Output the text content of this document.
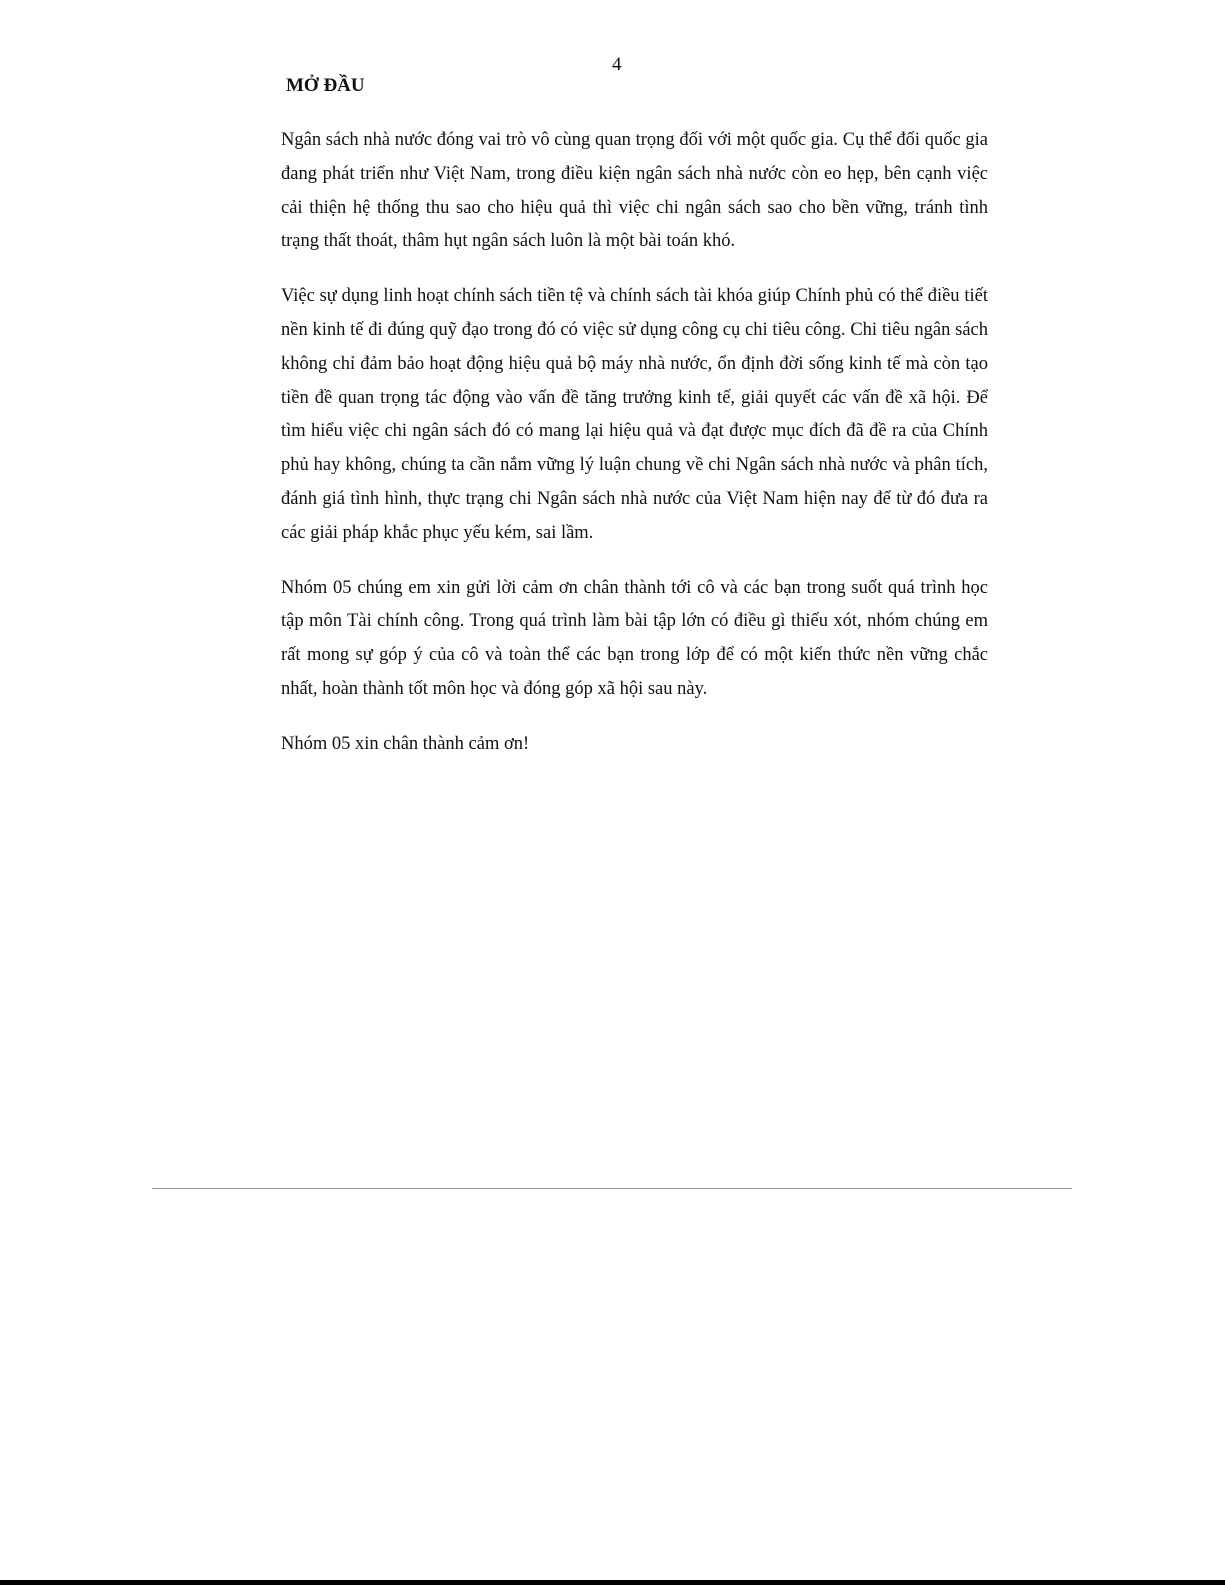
4
MỞ ĐẦU

Ngân sách nhà nước đóng vai trò vô cùng quan trọng đối với một quốc gia. Cụ thể đối quốc gia đang phát triển như Việt Nam, trong điều kiện ngân sách nhà nước còn eo hẹp, bên cạnh việc cải thiện hệ thống thu sao cho hiệu quả thì việc chi ngân sách sao cho bền vững, tránh tình trạng thất thoát, thâm hụt ngân sách luôn là một bài toán khó.

Việc sự dụng linh hoạt chính sách tiền tệ và chính sách tài khóa giúp Chính phủ có thể điều tiết nền kinh tế đi đúng quỹ đạo trong đó có việc sử dụng công cụ chi tiêu công. Chi tiêu ngân sách không chỉ đảm bảo hoạt động hiệu quả bộ máy nhà nước, ổn định đời sống kinh tế mà còn tạo tiền đề quan trọng tác động vào vấn đề tăng trưởng kinh tế, giải quyết các vấn đề xã hội. Để tìm hiểu việc chi ngân sách đó có mang lại hiệu quả và đạt được mục đích đã đề ra của Chính phủ hay không, chúng ta cần nắm vững lý luận chung về chi Ngân sách nhà nước và phân tích, đánh giá tình hình, thực trạng chi Ngân sách nhà nước của Việt Nam hiện nay để từ đó đưa ra các giải pháp khắc phục yếu kém, sai lầm.

Nhóm 05 chúng em xin gửi lời cảm ơn chân thành tới cô và các bạn trong suốt quá trình học tập môn Tài chính công. Trong quá trình làm bài tập lớn có điều gì thiếu xót, nhóm chúng em rất mong sự góp ý của cô và toàn thể các bạn trong lớp để có một kiến thức nền vững chắc nhất, hoàn thành tốt môn học và đóng góp xã hội sau này.

Nhóm 05 xin chân thành cảm ơn!
